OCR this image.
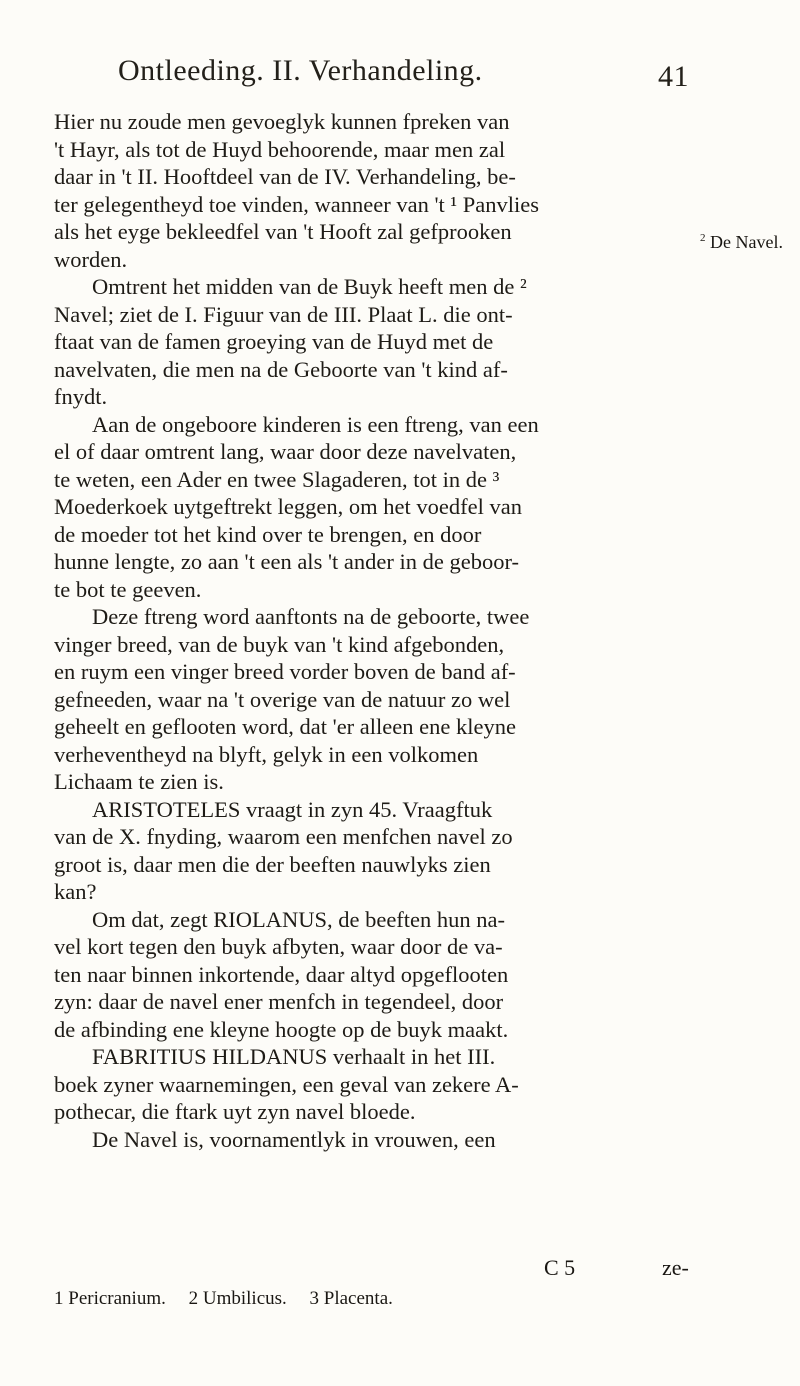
Ontleeding. II. Verhandeling.	41
$^2$ De Navel.
Hier nu zoude men gevoeglyk kunnen fpreken van
't Hayr, als tot de Huyd behoorende, maar men zal
daar in 't II. Hooftdeel van de IV. Verhandeling, be-
ter gelegentheyd toe vinden, wanneer van 't ¹ Panvlies
als het eyge bekleedfel van 't Hooft zal gefprooken
worden.
Omtrent het midden van de Buyk heeft men de ²
Navel; ziet de I. Figuur van de III. Plaat L. die ont-
ftaat van de famen groeying van de Huyd met de
navelvaten, die men na de Geboorte van 't kind af-
fnydt.
Aan de ongeboore kinderen is een ftreng, van een
el of daar omtrent lang, waar door deze navelvaten,
te weten, een Ader en twee Slagaderen, tot in de ³
Moederkoek uytgeftrekt leggen, om het voedfel van
de moeder tot het kind over te brengen, en door
hunne lengte, zo aan 't een als 't ander in de geboor-
te bot te geeven.
Deze ftreng word aanftonts na de geboorte, twee
vinger breed, van de buyk van 't kind afgebonden,
en ruym een vinger breed vorder boven de band af-
gefneeden, waar na 't overige van de natuur zo wel
geheelt en geflooten word, dat 'er alleen ene kleyne
verheventheyd na blyft, gelyk in een volkomen
Lichaam te zien is.
ARISTOTELES vraagt in zyn 45. Vraagftuk
van de X. fnyding, waarom een menfchen navel zo
groot is, daar men die der beeften nauwlyks zien
kan?
Om dat, zegt RIOLANUS, de beeften hun na-
vel kort tegen den buyk afbyten, waar door de va-
ten naar binnen inkortende, daar altyd opgeflooten
zyn: daar de navel ener menfch in tegendeel, door
de afbinding ene kleyne hoogte op de buyk maakt.
FABRITIUS HILDANUS verhaalt in het III.
boek zyner waarnemingen, een geval van zekere A-
pothecar, die ftark uyt zyn navel bloede.
De Navel is, voornamentlyk in vrouwen, een
C 5	ze-
1 Pericranium. 2 Umbilicus. 3 Placenta.
